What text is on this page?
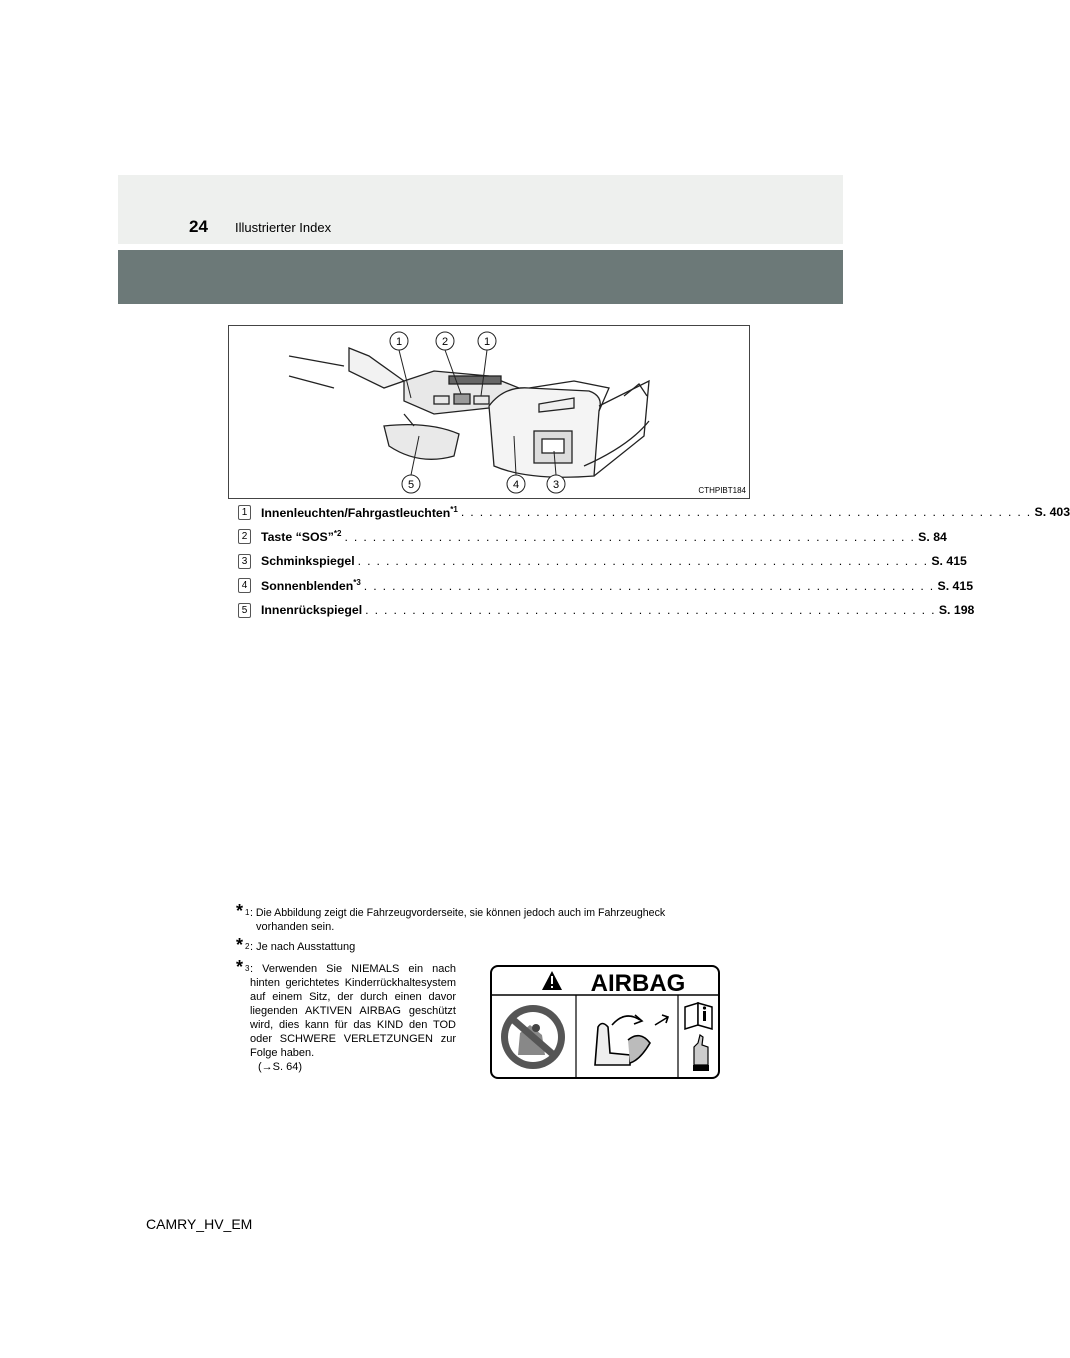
24 Illustrierter Index
1	2	1
5	4	3	CTHPIBT184
1	Innenleuchten/Fahrgastleuchten$^{*1}$ . . . . . . . . . . . . . . . . . . . . . . . . . . . . . . . . . . . . . . . . . . . . . . . . . . . . . . . . . . . . . S. 403
2	Taste “SOS”$^{*2}$ . . . . . . . . . . . . . . . . . . . . . . . . . . . . . . . . . . . . . . . . . . . . . . . . . . . . . . . . . . . . . S. 84
3	Schminkspiegel . . . . . . . . . . . . . . . . . . . . . . . . . . . . . . . . . . . . . . . . . . . . . . . . . . . . . . . . . . . . . S. 415
4	Sonnenblenden$^{*3}$ . . . . . . . . . . . . . . . . . . . . . . . . . . . . . . . . . . . . . . . . . . . . . . . . . . . . . . . . . . . . . S. 415
5	Innenrückspiegel . . . . . . . . . . . . . . . . . . . . . . . . . . . . . . . . . . . . . . . . . . . . . . . . . . . . . . . . . . . . . S. 198
* 1 : Die Abbildung zeigt die Fahrzeugvorderseite, sie können jedoch auch im Fahrzeugheck
vorhanden sein.
* 2 : Je nach Ausstattung
* 3 : Verwenden Sie NIEMALS ein nach hinten gerichtetes Kinderrückhaltesystem auf einem Sitz, der durch einen davor liegenden AKTIVEN AIRBAG geschützt wird, dies kann für das KIND den TOD oder SCHWERE VERLETZUNGEN zur Folge haben.
(→S. 64)
AIRBAG
CAMRY_HV_EM
